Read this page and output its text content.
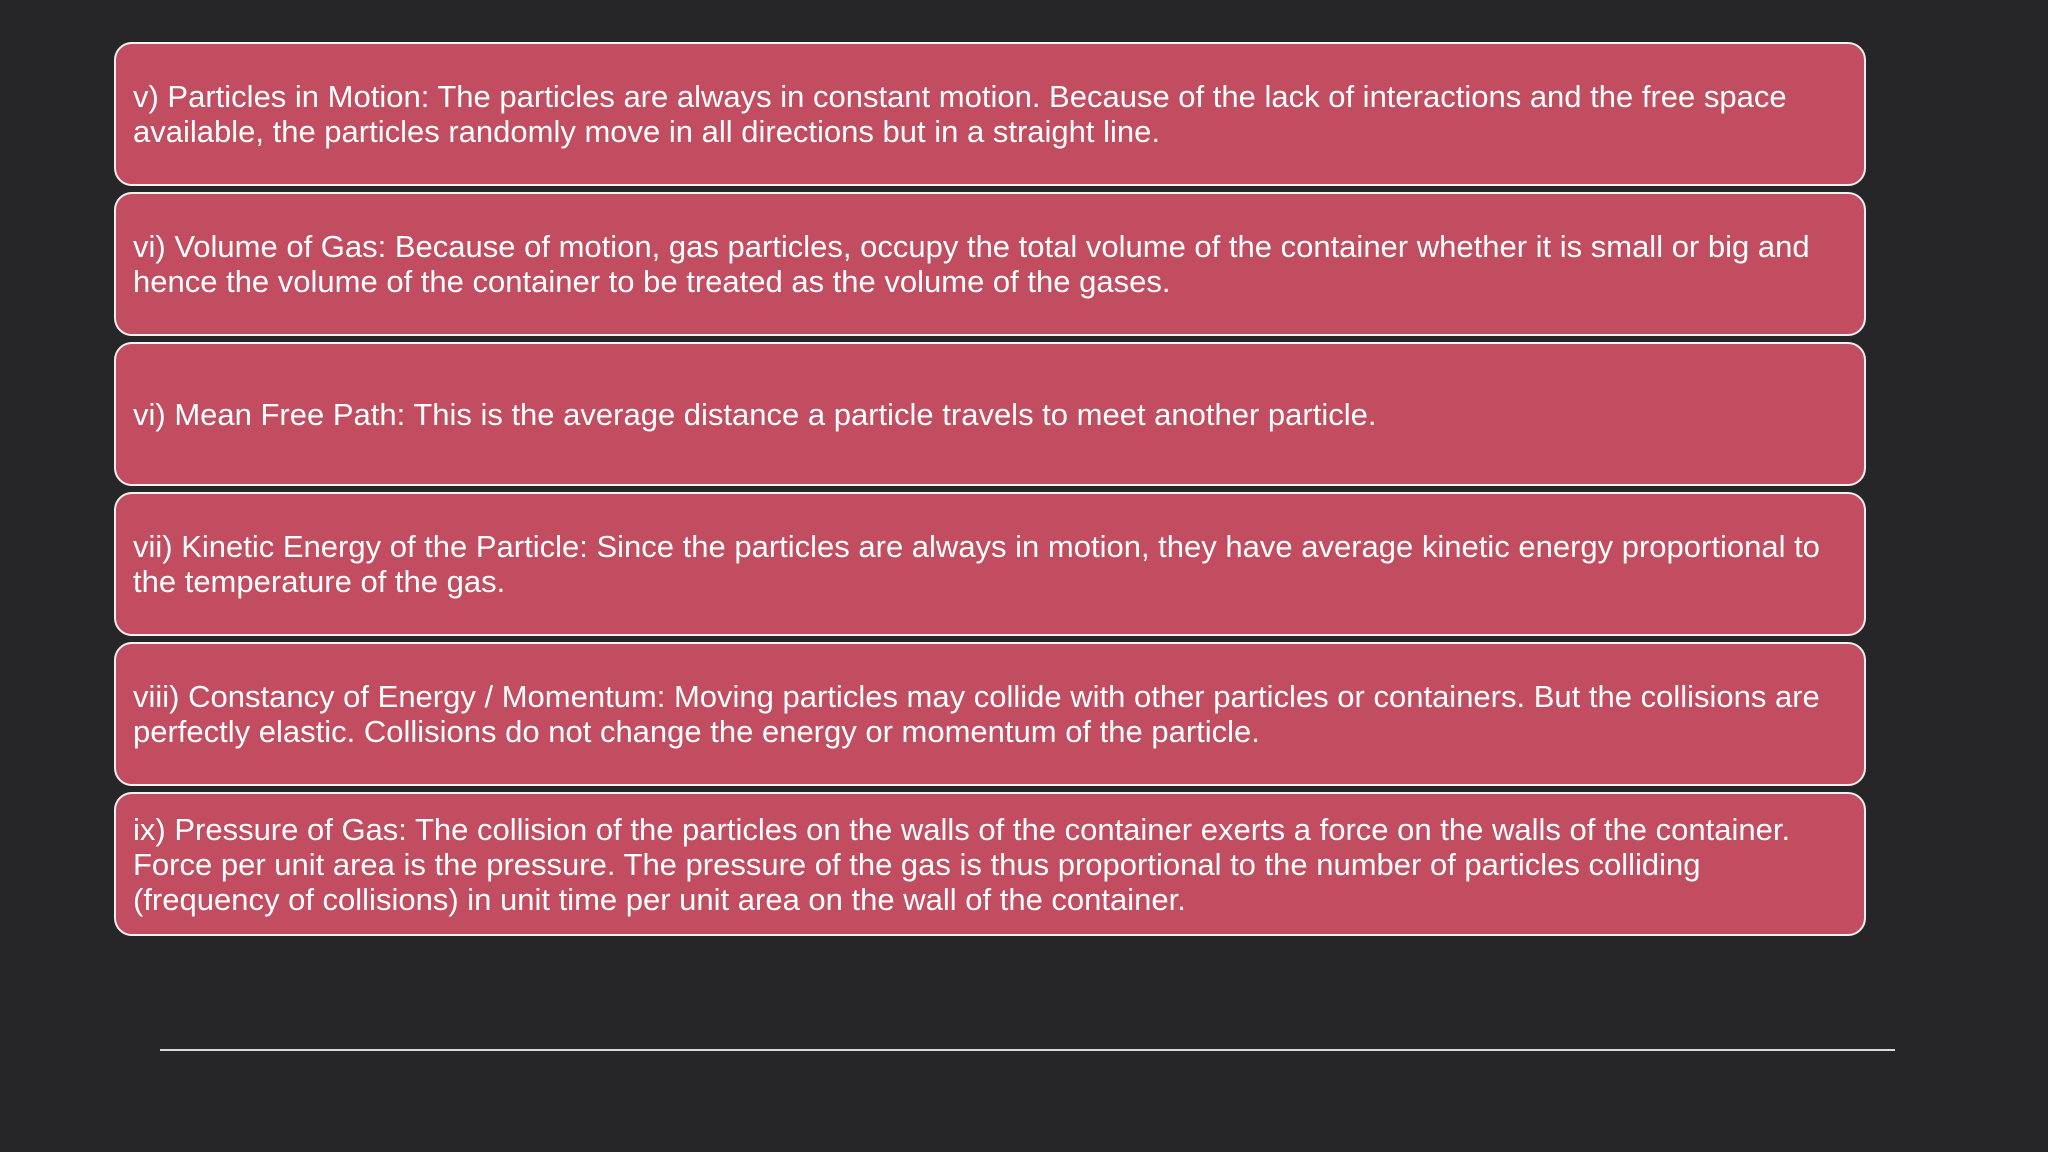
v) Particles in Motion: The particles are always in constant motion. Because of the lack of interactions and the free space available, the particles randomly move in all directions but in a straight line.
vi) Volume of Gas: Because of motion, gas particles, occupy the total volume of the container whether it is small or big and hence the volume of the container to be treated as the volume of the gases.
vi) Mean Free Path: This is the average distance a particle travels to meet another particle.
vii) Kinetic Energy of the Particle: Since the particles are always in motion, they have average kinetic energy proportional to the temperature of the gas.
viii) Constancy of Energy / Momentum: Moving particles may collide with other particles or containers. But the collisions are perfectly elastic. Collisions do not change the energy or momentum of the particle.
ix) Pressure of Gas: The collision of the particles on the walls of the container exerts a force on the walls of the container. Force per unit area is the pressure. The pressure of the gas is thus proportional to the number of particles colliding (frequency of collisions) in unit time per unit area on the wall of the container.
